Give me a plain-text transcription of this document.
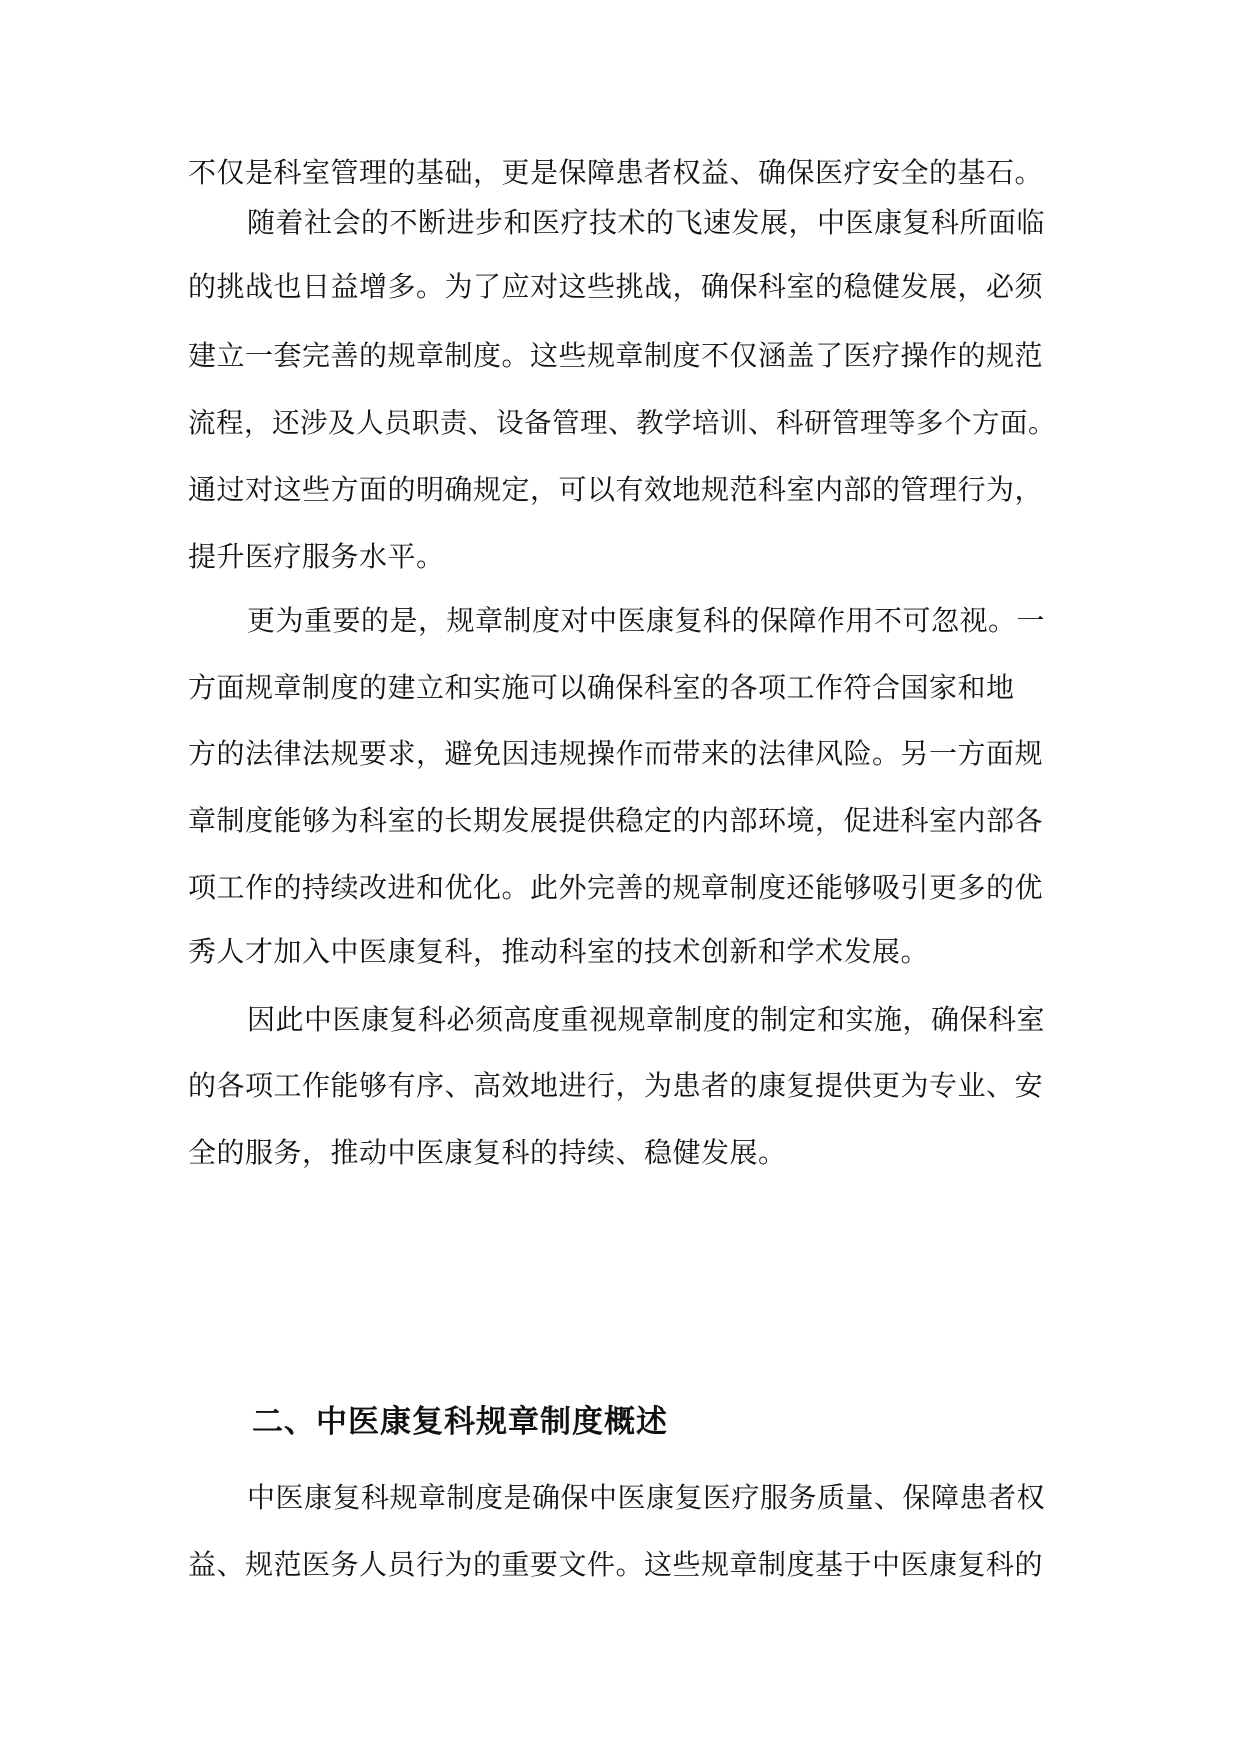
不仅是科室管理的基础，更是保障患者权益、确保医疗安全的基石。
随着社会的不断进步和医疗技术的飞速发展，中医康复科所面临
的挑战也日益增多。为了应对这些挑战，确保科室的稳健发展，必须
建立一套完善的规章制度。这些规章制度不仅涵盖了医疗操作的规范
流程，还涉及人员职责、设备管理、教学培训、科研管理等多个方面。
通过对这些方面的明确规定，可以有效地规范科室内部的管理行为，
提升医疗服务水平。
更为重要的是，规章制度对中医康复科的保障作用不可忽视。一
方面规章制度的建立和实施可以确保科室的各项工作符合国家和地
方的法律法规要求，避免因违规操作而带来的法律风险。另一方面规
章制度能够为科室的长期发展提供稳定的内部环境，促进科室内部各
项工作的持续改进和优化。此外完善的规章制度还能够吸引更多的优
秀人才加入中医康复科，推动科室的技术创新和学术发展。
因此中医康复科必须高度重视规章制度的制定和实施，确保科室
的各项工作能够有序、高效地进行，为患者的康复提供更为专业、安
全的服务，推动中医康复科的持续、稳健发展。
二、中医康复科规章制度概述
中医康复科规章制度是确保中医康复医疗服务质量、保障患者权
益、规范医务人员行为的重要文件。这些规章制度基于中医康复科的
